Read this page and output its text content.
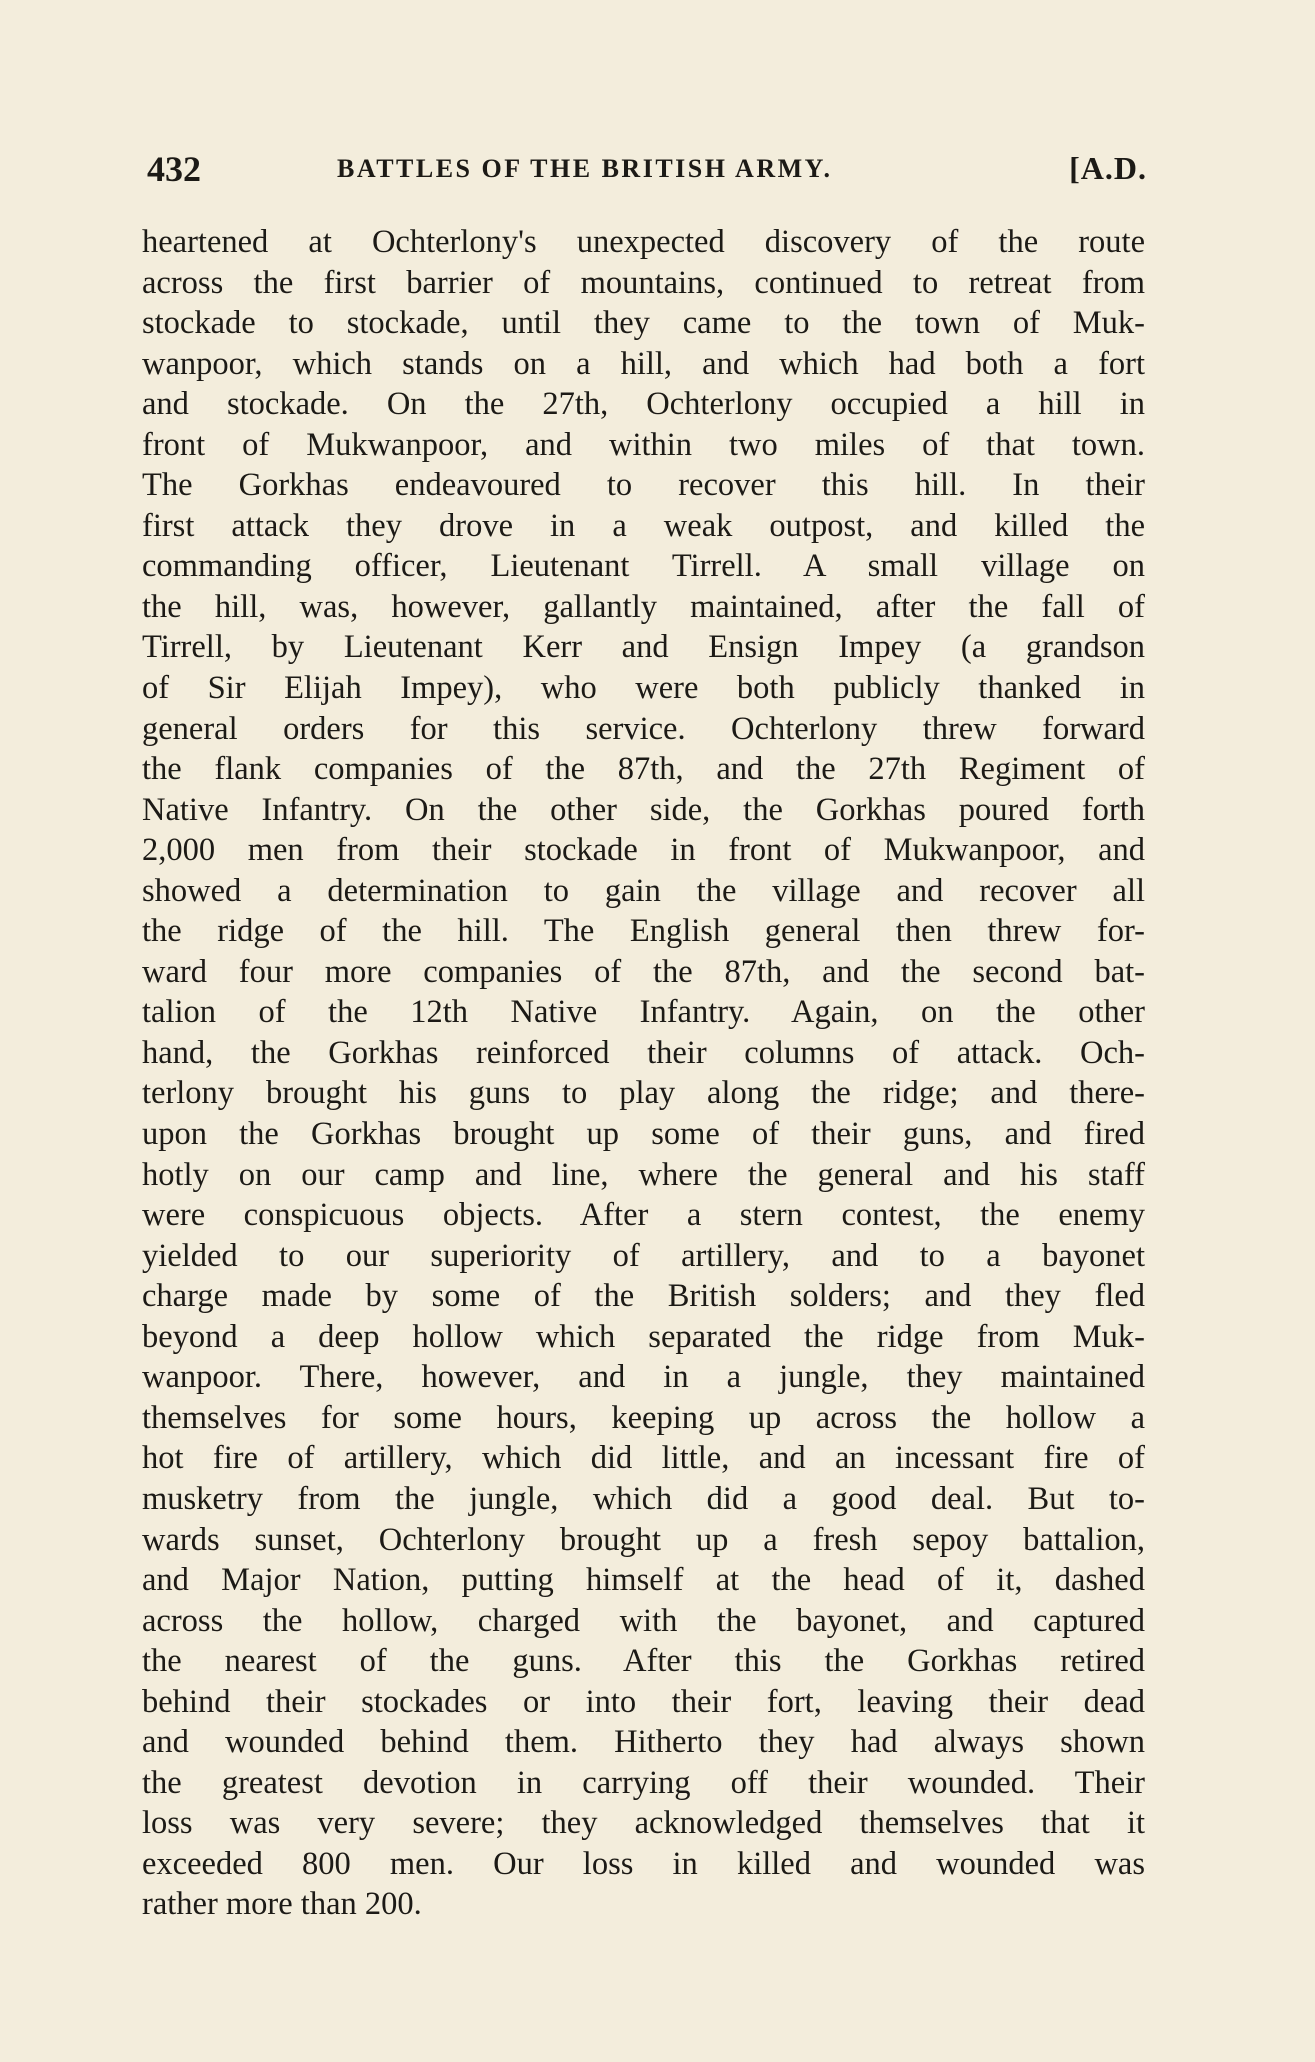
432	BATTLES OF THE BRITISH ARMY.	[A.D.
heartened at Ochterlony's unexpected discovery of the route
across the first barrier of mountains, continued to retreat from
stockade to stockade, until they came to the town of Muk-
wanpoor, which stands on a hill, and which had both a fort
and stockade. On the 27th, Ochterlony occupied a hill in
front of Mukwanpoor, and within two miles of that town.
The Gorkhas endeavoured to recover this hill. In their
first attack they drove in a weak outpost, and killed the
commanding officer, Lieutenant Tirrell. A small village on
the hill, was, however, gallantly maintained, after the fall of
Tirrell, by Lieutenant Kerr and Ensign Impey (a grandson
of Sir Elijah Impey), who were both publicly thanked in
general orders for this service. Ochterlony threw forward
the flank companies of the 87th, and the 27th Regiment of
Native Infantry. On the other side, the Gorkhas poured forth
2,000 men from their stockade in front of Mukwanpoor, and
showed a determination to gain the village and recover all
the ridge of the hill. The English general then threw for-
ward four more companies of the 87th, and the second bat-
talion of the 12th Native Infantry. Again, on the other
hand, the Gorkhas reinforced their columns of attack. Och-
terlony brought his guns to play along the ridge; and there-
upon the Gorkhas brought up some of their guns, and fired
hotly on our camp and line, where the general and his staff
were conspicuous objects. After a stern contest, the enemy
yielded to our superiority of artillery, and to a bayonet
charge made by some of the British solders; and they fled
beyond a deep hollow which separated the ridge from Muk-
wanpoor. There, however, and in a jungle, they maintained
themselves for some hours, keeping up across the hollow a
hot fire of artillery, which did little, and an incessant fire of
musketry from the jungle, which did a good deal. But to-
wards sunset, Ochterlony brought up a fresh sepoy battalion,
and Major Nation, putting himself at the head of it, dashed
across the hollow, charged with the bayonet, and captured
the nearest of the guns. After this the Gorkhas retired
behind their stockades or into their fort, leaving their dead
and wounded behind them. Hitherto they had always shown
the greatest devotion in carrying off their wounded. Their
loss was very severe; they acknowledged themselves that it
exceeded 800 men. Our loss in killed and wounded was
rather more than 200.
